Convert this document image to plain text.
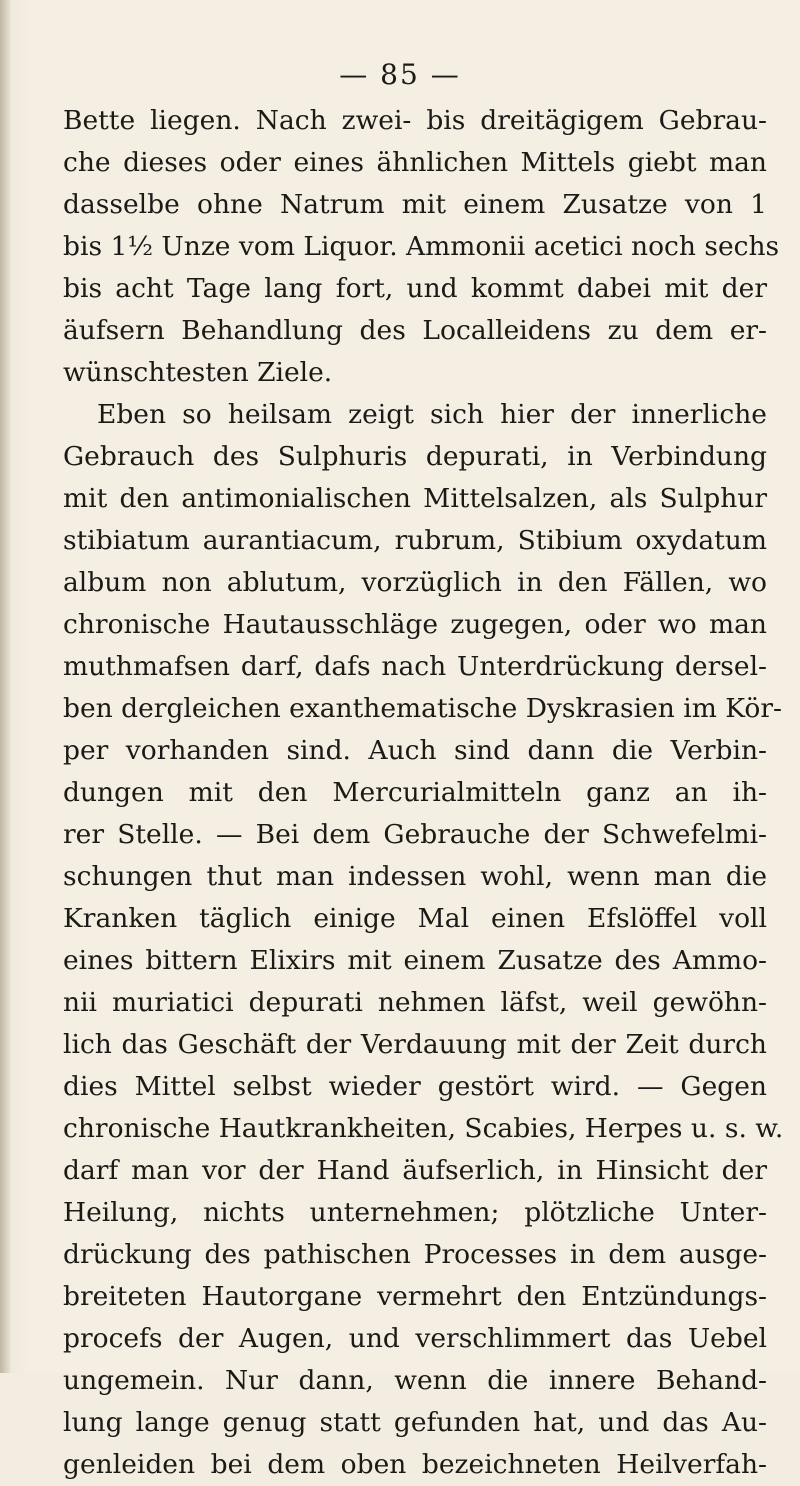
— 85 —
Bette liegen. Nach zwei- bis dreitägigem Gebrau-
che dieses oder eines ähnlichen Mittels giebt man
dasselbe ohne Natrum mit einem Zusatze von 1
bis 1½ Unze vom Liquor. Ammonii acetici noch sechs
bis acht Tage lang fort, und kommt dabei mit der
äufsern Behandlung des Localleidens zu dem er-
wünschtesten Ziele.
Eben so heilsam zeigt sich hier der innerliche
Gebrauch des Sulphuris depurati, in Verbindung
mit den antimonialischen Mittelsalzen, als Sulphur
stibiatum aurantiacum, rubrum, Stibium oxydatum
album non ablutum, vorzüglich in den Fällen, wo
chronische Hautausschläge zugegen, oder wo man
muthmafsen darf, dafs nach Unterdrückung dersel-
ben dergleichen exanthematische Dyskrasien im Kör-
per vorhanden sind. Auch sind dann die Verbin-
dungen mit den Mercurialmitteln ganz an ih-
rer Stelle. — Bei dem Gebrauche der Schwefelmi-
schungen thut man indessen wohl, wenn man die
Kranken täglich einige Mal einen Efslöffel voll
eines bittern Elixirs mit einem Zusatze des Ammo-
nii muriatici depurati nehmen läfst, weil gewöhn-
lich das Geschäft der Verdauung mit der Zeit durch
dies Mittel selbst wieder gestört wird. — Gegen
chronische Hautkrankheiten, Scabies, Herpes u. s. w.
darf man vor der Hand äufserlich, in Hinsicht der
Heilung, nichts unternehmen; plötzliche Unter-
drückung des pathischen Processes in dem ausge-
breiteten Hautorgane vermehrt den Entzündungs-
procefs der Augen, und verschlimmert das Uebel
ungemein. Nur dann, wenn die innere Behand-
lung lange genug statt gefunden hat, und das Au-
genleiden bei dem oben bezeichneten Heilverfah-
